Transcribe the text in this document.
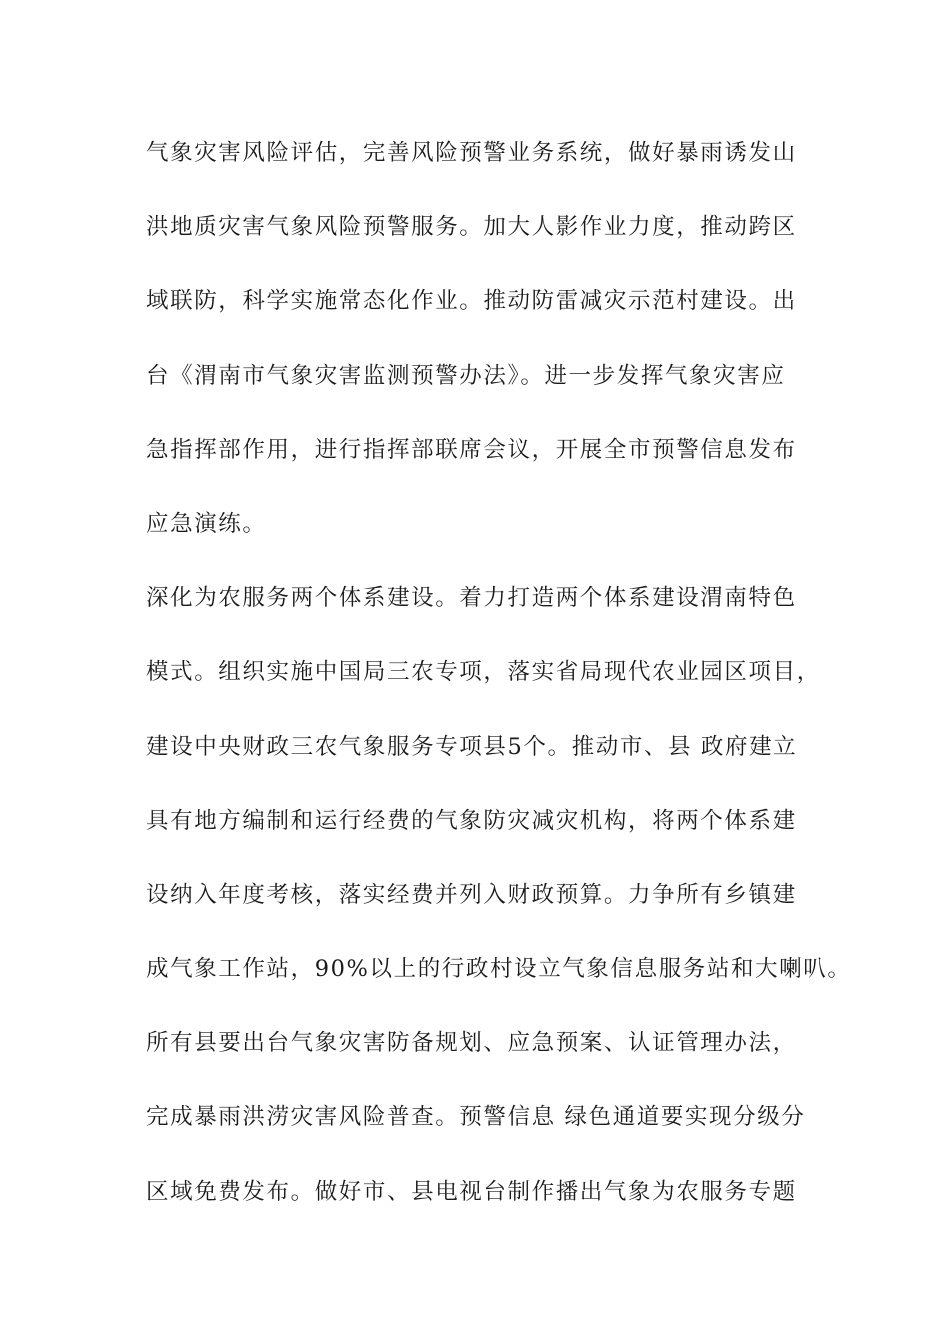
气象灾害风险评估，完善风险预警业务系统，做好暴雨诱发山
洪地质灾害气象风险预警服务。加大人影作业力度，推动跨区
域联防，科学实施常态化作业。推动防雷减灾示范村建设。出
台《渭南市气象灾害监测预警办法》。进一步发挥气象灾害应
急指挥部作用，进行指挥部联席会议，开展全市预警信息发布
应急演练。
深化为农服务两个体系建设。着力打造两个体系建设渭南特色
模式。组织实施中国局三农专项，落实省局现代农业园区项目，
建设中央财政三农气象服务专项县5个。推动市、县 政府建立
具有地方编制和运行经费的气象防灾减灾机构，将两个体系建
设纳入年度考核，落实经费并列入财政预算。力争所有乡镇建
成气象工作站，90%以上的行政村设立气象信息服务站和大喇叭。
所有县要出台气象灾害防备规划、应急预案、认证管理办法，
完成暴雨洪涝灾害风险普查。预警信息 绿色通道要实现分级分
区域免费发布。做好市、县电视台制作播出气象为农服务专题
